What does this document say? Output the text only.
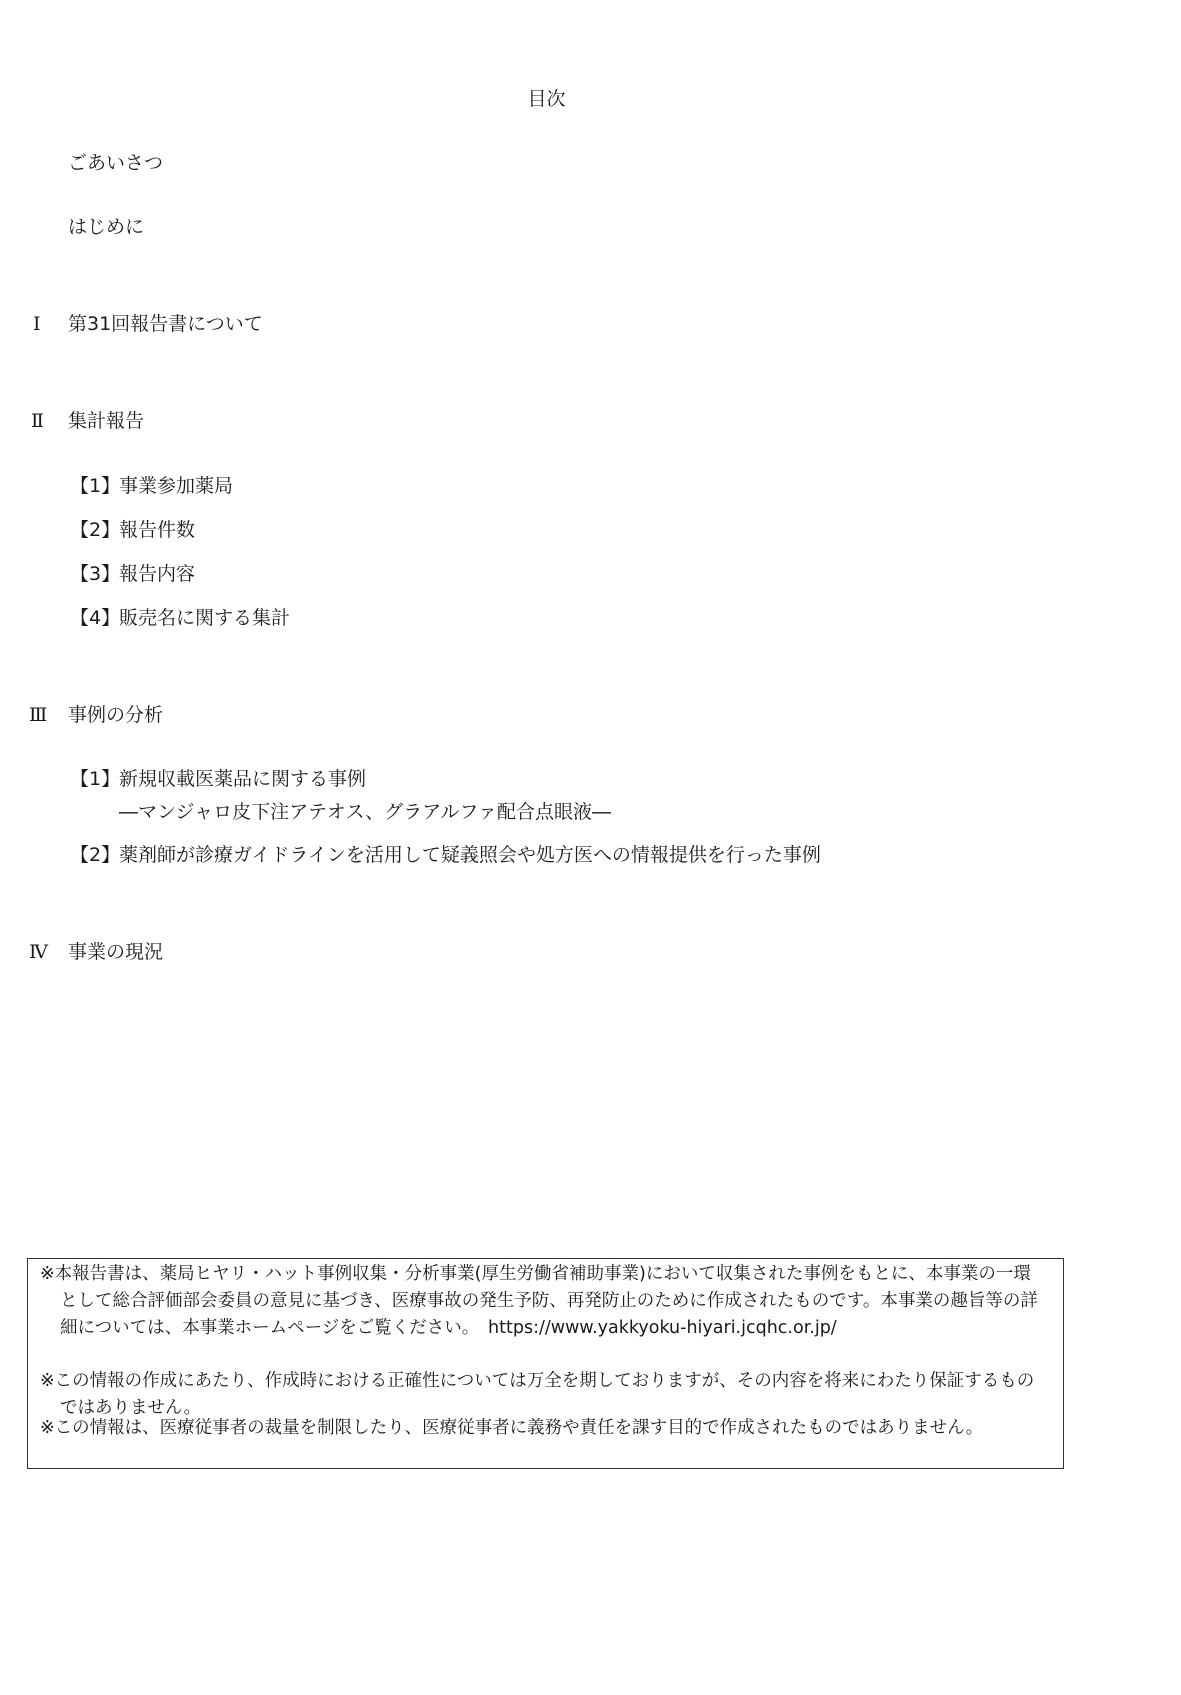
目次
ごあいさつ
はじめに
Ⅰ 第31回報告書について
Ⅱ 集計報告
【1】
事業参加薬局
【2】
報告件数
【3】
報告内容
【4】
販売名に関する集計
Ⅲ 事例の分析
【1】
新規収載医薬品に関する事例
―マンジャロ皮下注アテオス、グラアルファ配合点眼液―
【2】
薬剤師が診療ガイドラインを活用して疑義照会や処方医への情報提供を行った事例
Ⅳ 事業の現況
※本報告書は、薬局ヒヤリ・ハット事例収集・分析事業(厚生労働省補助事業)において収集された事例をもとに、本事業の一環として総合評価部会委員の意見に基づき、医療事故の発生予防、再発防止のために作成されたものです。本事業の趣旨等の詳細については、本事業ホームページをご覧ください。　https://www.yakkyoku-hiyari.jcqhc.or.jp/
※この情報の作成にあたり、作成時における正確性については万全を期しておりますが、その内容を将来にわたり保証するものではありません。
※この情報は、医療従事者の裁量を制限したり、医療従事者に義務や責任を課す目的で作成されたものではありません。
